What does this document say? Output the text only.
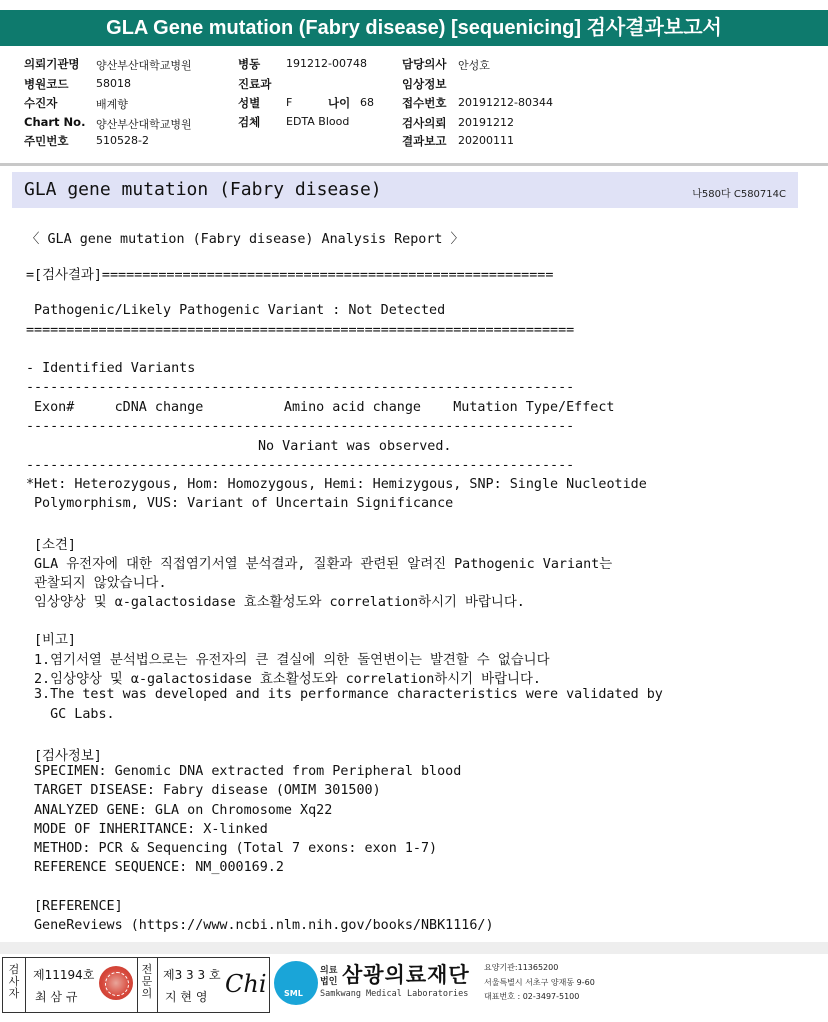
GLA Gene mutation (Fabry disease) [sequenicing] 검사결과보고서
의뢰기관명 양산부산대학교병원
병원코드	58018
수진자	배계향
Chart No. 양산부산대학교병원
주민번호	510528-2
병동 191212-00748
진료과
성별 F	나이 68
검체 EDTA Blood
담당의사 안성호
임상정보
접수번호 20191212-80344
검사의뢰 20191212
결과보고 20200111
GLA gene mutation (Fabry disease)	나580다 C580714C
〈 GLA gene mutation (Fabry disease) Analysis Report 〉
=[검사결과]========================================================
Pathogenic/Likely Pathogenic Variant : Not Detected
====================================================================
- Identified Variants
--------------------------------------------------------------------
Exon#     cDNA change          Amino acid change    Mutation Type/Effect
--------------------------------------------------------------------
No Variant was observed.
--------------------------------------------------------------------
*Het: Heterozygous, Hom: Homozygous, Hemi: Hemizygous, SNP: Single Nucleotide
Polymorphism, VUS: Variant of Uncertain Significance
[소견]
GLA 유전자에 대한 직접염기서열 분석결과, 질환과 관련된 알려진 Pathogenic Variant는
관찰되지 않았습니다.
임상양상 및 α-galactosidase 효소활성도와 correlation하시기 바랍니다.
[비고]
1.염기서열 분석법으로는 유전자의 큰 결실에 의한 돌연변이는 발견할 수 없습니다
2.임상양상 및 α-galactosidase 효소활성도와 correlation하시기 바랍니다.
3.The test was developed and its performance characteristics were validated by
GC Labs.
[검사정보]
SPECIMEN: Genomic DNA extracted from Peripheral blood
TARGET DISEASE: Fabry disease (OMIM 301500)
ANALYZED GENE: GLA on Chromosome Xq22
MODE OF INHERITANCE: X-linked
METHOD: PCR & Sequencing (Total 7 exons: exon 1-7)
REFERENCE SEQUENCE: NM_000169.2
[REFERENCE]
GeneReviews (https://www.ncbi.nlm.nih.gov/books/NBK1116/)
검사자
제11194호
최 삼 규
전문의
제3 3 3 호
지 현 영 Chi SML
의료
법인 삼광의료재단
Samkwang Medical Laboratories
요양기관:11365200
서울특별시 서초구 양재동 9-60
대표번호 : 02-3497-5100
